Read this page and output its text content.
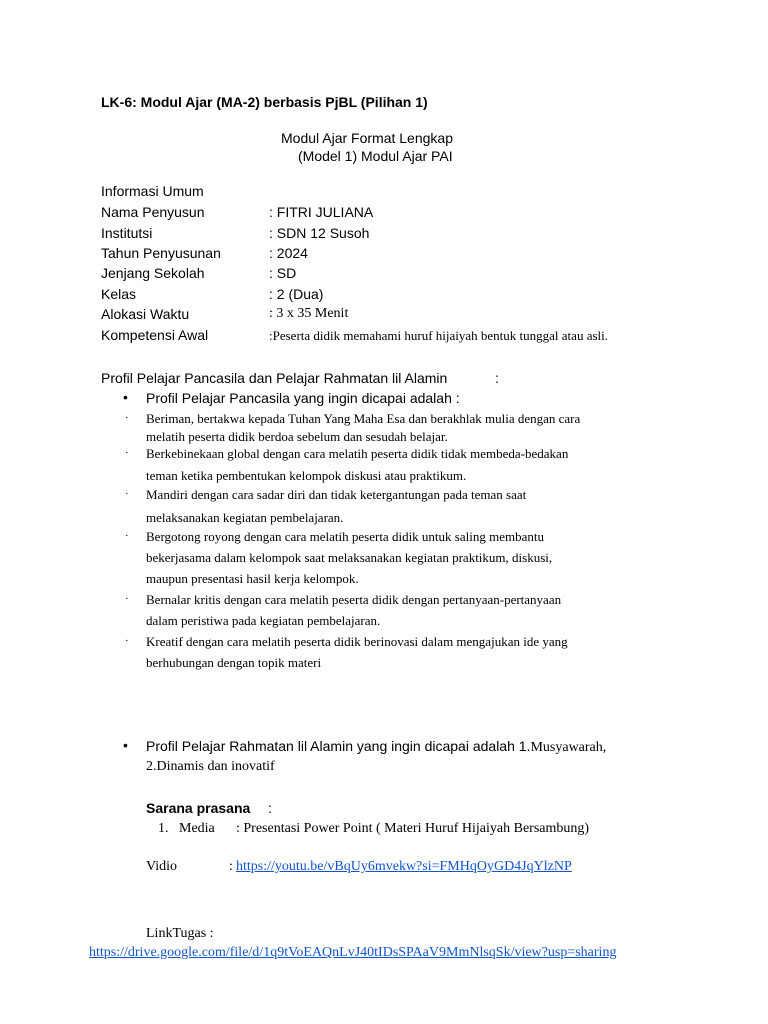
LK-6: Modul Ajar (MA-2) berbasis PjBL (Pilihan 1)
Modul Ajar Format Lengkap
(Model 1) Modul Ajar PAI
Informasi Umum
Nama Penyusun	: FITRI JULIANA
Institutsi	: SDN 12 Susoh
Tahun Penyusunan	: 2024
Jenjang Sekolah	: SD
Kelas	: 2 (Dua)
Alokasi Waktu	: 3 x 35 Menit
Kompetensi Awal	:Peserta didik memahami huruf hijaiyah bentuk tunggal atau asli.
Profil Pelajar Pancasila dan Pelajar Rahmatan lil Alamin	:
• Profil Pelajar Pancasila yang ingin dicapai adalah :
· Beriman, bertakwa kepada Tuhan Yang Maha Esa dan berakhlak mulia dengan cara
melatih peserta didik berdoa sebelum dan sesudah belajar.
· Berkebinekaan global dengan cara melatih peserta didik tidak membeda-bedakan
teman ketika pembentukan kelompok diskusi atau praktikum.
· Mandiri dengan cara sadar diri dan tidak ketergantungan pada teman saat
melaksanakan kegiatan pembelajaran.
· Bergotong royong dengan cara melatih peserta didik untuk saling membantu
bekerjasama dalam kelompok saat melaksanakan kegiatan praktikum, diskusi,
maupun presentasi hasil kerja kelompok.
· Bernalar kritis dengan cara melatih peserta didik dengan pertanyaan-pertanyaan
dalam peristiwa pada kegiatan pembelajaran.
· Kreatif dengan cara melatih peserta didik berinovasi dalam mengajukan ide yang
berhubungan dengan topik materi
• Profil Pelajar Rahmatan lil Alamin yang ingin dicapai adalah 1.Musyawarah,
2.Dinamis dan inovatif
Sarana prasana :
1. Media : Presentasi Power Point ( Materi Huruf Hijaiyah Bersambung)
Vidio	: https://youtu.be/vBqUy6mvekw?si=FMHqOyGD4JqYlzNP
LinkTugas :
https://drive.google.com/file/d/1q9tVoEAQnLvJ40tIDsSPAaV9MmNlsqSk/view?usp=sharing
